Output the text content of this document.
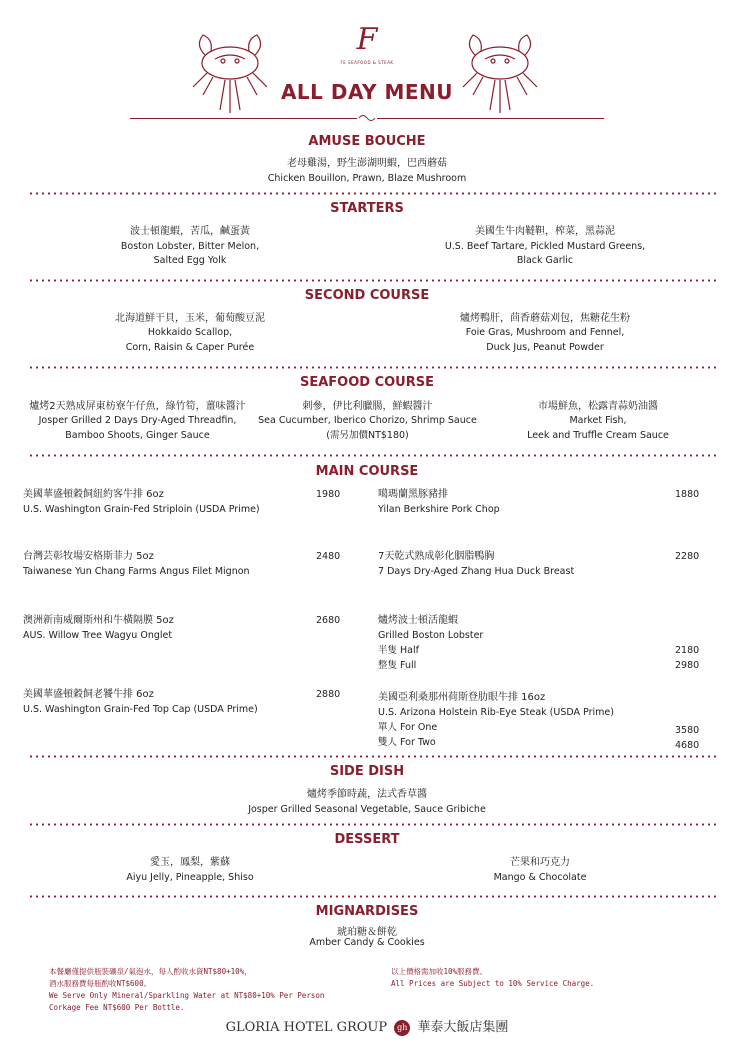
F
FE SEAFOOD & STEAK
ALL DAY MENU
AMUSE BOUCHE
老母雞湯，野生澎湖明蝦，巴西蘑菇
Chicken Bouillon, Prawn, Blaze Mushroom
STARTERS
波士頓龍蝦，苦瓜，鹹蛋黃
Boston Lobster, Bitter Melon,
Salted Egg Yolk
美國生牛肉韃靼，榨菜，黑蒜泥
U.S. Beef Tartare, Pickled Mustard Greens,
Black Garlic
SECOND COURSE
北海道鮮干貝，玉米，葡萄酸豆泥
Hokkaido Scallop,
Corn, Raisin & Caper Purée
爐烤鴨肝，茴香蘑菇刈包，焦糖花生粉
Foie Gras, Mushroom and Fennel,
Duck Jus, Peanut Powder
SEAFOOD COURSE
爐烤2天熟成屏東枋寮午仔魚，綠竹筍，薑味醬汁
Josper Grilled 2 Days Dry-Aged Threadfin,
Bamboo Shoots, Ginger Sauce
刺參，伊比利臘腸，鮮蝦醬汁
Sea Cucumber, Iberico Chorizo, Shrimp Sauce
(需另加價NT$180)
市場鮮魚，松露青蒜奶油醬
Market Fish,
Leek and Truffle Cream Sauce
MAIN COURSE
美國華盛頓穀飼紐約客牛排 6oz
U.S. Washington Grain-Fed Striploin (USDA Prime)
1980
台灣芸彰牧場安格斯菲力 5oz
Taiwanese Yun Chang Farms Angus Filet Mignon
2480
澳洲新南威爾斯州和牛橫隔膜 5oz
AUS. Willow Tree Wagyu Onglet
2680
美國華盛頓穀飼老饕牛排 6oz
U.S. Washington Grain-Fed Top Cap (USDA Prime)
2880
噶瑪蘭黑豚豬排
Yilan Berkshire Pork Chop
1880
7天乾式熟成彰化胭脂鴨胸
7 Days Dry-Aged Zhang Hua Duck Breast
2280
爐烤波士頓活龍蝦
Grilled Boston Lobster
半隻 Half	2180
整隻 Full	2980
美國亞利桑那州荷斯登肋眼牛排 16oz
U.S. Arizona Holstein Rib-Eye Steak (USDA Prime)
單人 For One	3580
雙人 For Two	4680
SIDE DISH
爐烤季節時蔬，法式香草醬
Josper Grilled Seasonal Vegetable, Sauce Gribiche
DESSERT
愛玉，鳳梨，紫蘇
Aiyu Jelly, Pineapple, Shiso
芒果和巧克力
Mango & Chocolate
MIGNARDISES
琥珀糖＆餅乾
Amber Candy & Cookies
本餐廳僅提供瓶裝礦泉/氣泡水，每人酌收水資NT$80+10%，
酒水服務費每瓶酌收NT$600。
We Serve Only Mineral/Sparkling Water at NT$80+10% Per Person
Corkage Fee NT$600 Per Bottle.
以上價格需加收10%服務費。
All Prices are Subject to 10% Service Charge.
GLORIA HOTEL GROUP gh 華泰大飯店集團
